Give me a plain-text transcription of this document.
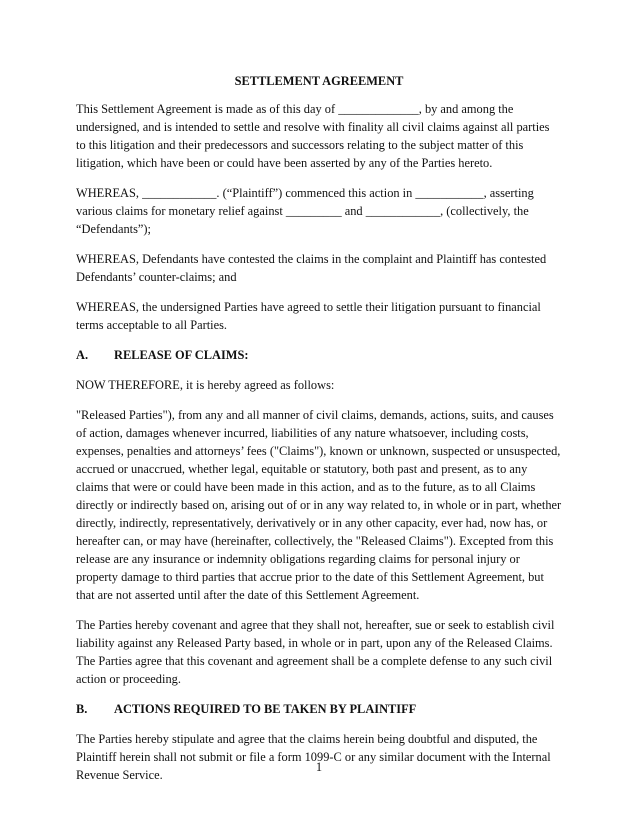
SETTLEMENT AGREEMENT

This Settlement Agreement is made as of this day of _____________, by and among the undersigned, and is intended to settle and resolve with finality all civil claims against all parties to this litigation and their predecessors and successors relating to the subject matter of this litigation, which have been or could have been asserted by any of the Parties hereto.

WHEREAS, ____________. (“Plaintiff”) commenced this action in ___________, asserting various claims for monetary relief against _________ and ____________, (collectively, the “Defendants”);

WHEREAS, Defendants have contested the claims in the complaint and Plaintiff has contested Defendants’ counter-claims; and

WHEREAS, the undersigned Parties have agreed to settle their litigation pursuant to financial terms acceptable to all Parties.

A.	RELEASE OF CLAIMS:

NOW THEREFORE, it is hereby agreed as follows:

"Released Parties"), from any and all manner of civil claims, demands, actions, suits, and causes of action, damages whenever incurred, liabilities of any nature whatsoever, including costs, expenses, penalties and attorneys’ fees ("Claims"), known or unknown, suspected or unsuspected, accrued or unaccrued, whether legal, equitable or statutory, both past and present, as to any claims that were or could have been made in this action, and as to the future, as to all Claims directly or indirectly based on, arising out of or in any way related to, in whole or in part, whether directly, indirectly, representatively, derivatively or in any other capacity, ever had, now has, or hereafter can, or may have (hereinafter, collectively, the "Released Claims"). Excepted from this release are any insurance or indemnity obligations regarding claims for personal injury or property damage to third parties that accrue prior to the date of this Settlement Agreement, but that are not asserted until after the date of this Settlement Agreement.

The Parties hereby covenant and agree that they shall not, hereafter, sue or seek to establish civil liability against any Released Party based, in whole or in part, upon any of the Released Claims. The Parties agree that this covenant and agreement shall be a complete defense to any such civil action or proceeding.

B.	ACTIONS REQUIRED TO BE TAKEN BY PLAINTIFF

The Parties hereby stipulate and agree that the claims herein being doubtful and disputed, the Plaintiff herein shall not submit or file a form 1099-C or any similar document with the Internal Revenue Service.

1
